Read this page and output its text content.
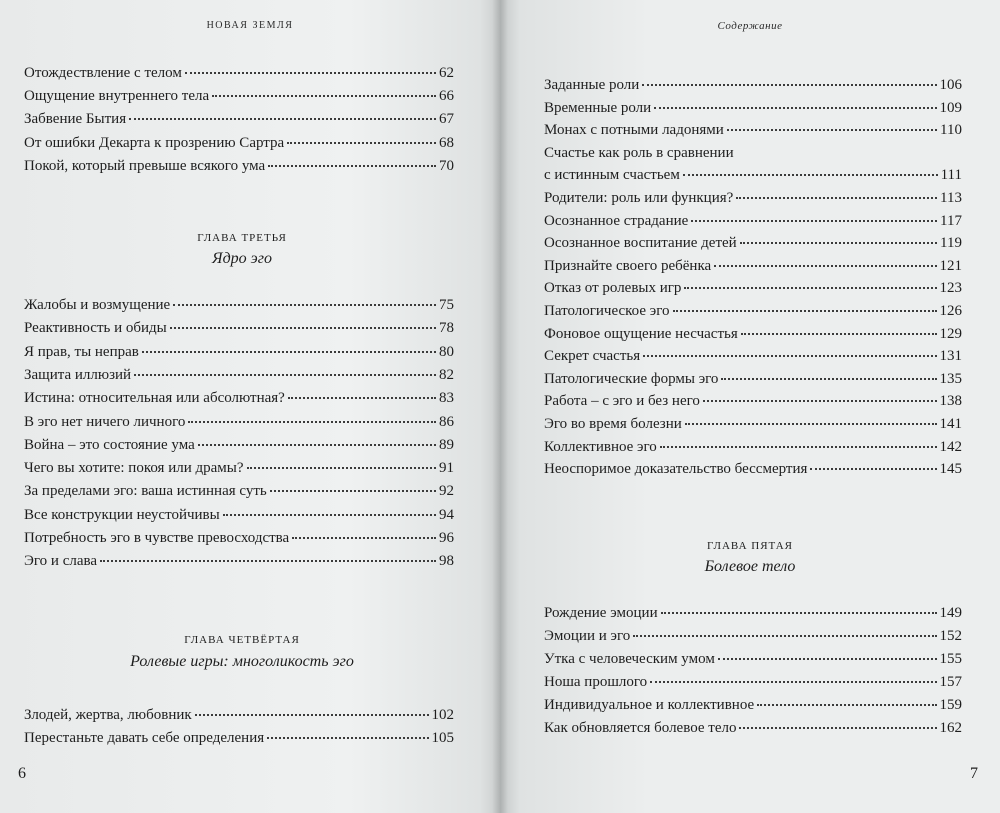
НОВАЯ ЗЕМЛЯ
Отождествление с телом	62
Ощущение внутреннего тела	66
Забвение Бытия	67
От ошибки Декарта к прозрению Сартра	68
Покой, который превыше всякого ума	70
Жалобы и возмущение	75
Реактивность и обиды	78
Я прав, ты неправ	80
Защита иллюзий	82
Истина: относительная или абсолютная?	83
В эго нет ничего личного	86
Война – это состояние ума	89
Чего вы хотите: покоя или драмы?	91
За пределами эго: ваша истинная суть	92
Все конструкции неустойчивы	94
Потребность эго в чувстве превосходства	96
Эго и слава	98
Злодей, жертва, любовник	102
Перестаньте давать себе определения	105
ГЛАВА ТРЕТЬЯ
Ядро эго
ГЛАВА ЧЕТВЁРТАЯ
Ролевые игры: многоликость эго
6
Содержание
Заданные роли	106
Временные роли	109
Монах с потными ладонями	110
Счастье как роль в сравнении
с истинным счастьем	111
Родители: роль или функция?	113
Осознанное страдание	117
Осознанное воспитание детей	119
Признайте своего ребёнка	121
Отказ от ролевых игр	123
Патологическое эго	126
Фоновое ощущение несчастья	129
Секрет счастья	131
Патологические формы эго	135
Работа – с эго и без него	138
Эго во время болезни	141
Коллективное эго	142
Неоспоримое доказательство бессмертия	145
Рождение эмоции	149
Эмоции и эго	152
Утка с человеческим умом	155
Ноша прошлого	157
Индивидуальное и коллективное	159
Как обновляется болевое тело	162
ГЛАВА ПЯТАЯ
Болевое тело
7
